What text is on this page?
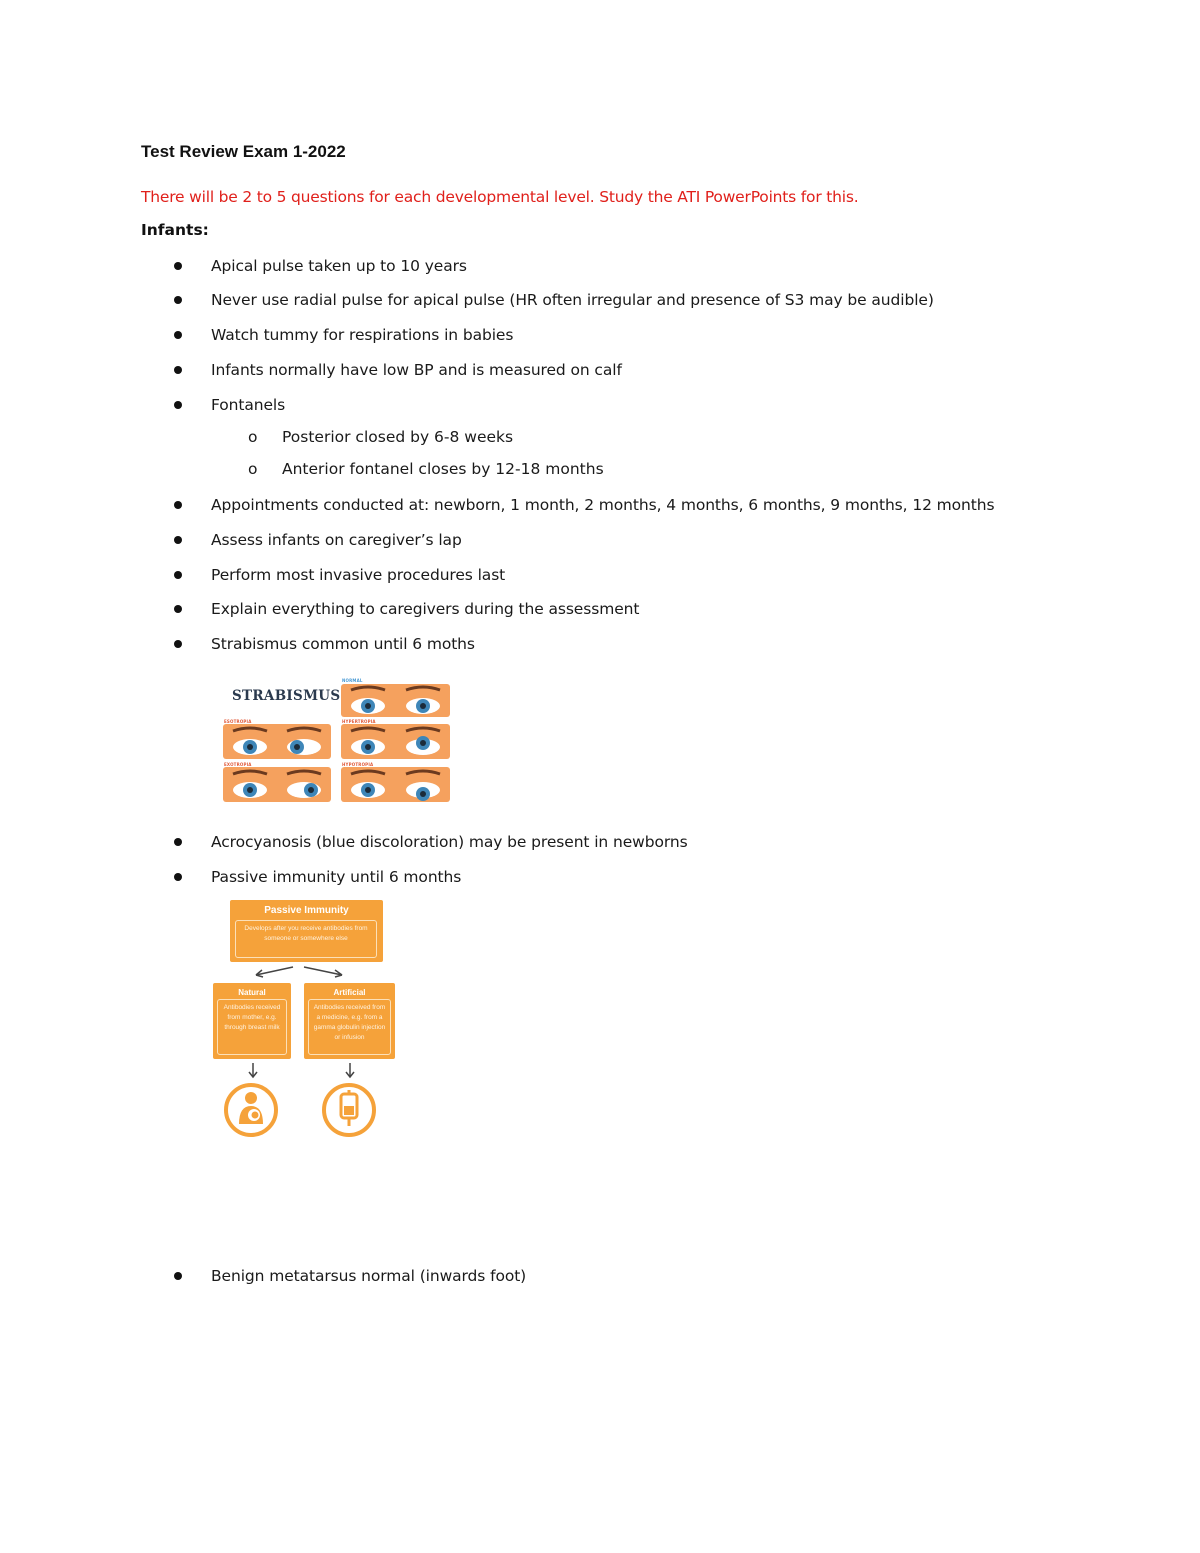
Test Review Exam 1-2022
There will be 2 to 5 questions for each developmental level. Study the ATI PowerPoints for this.
Infants:
Apical pulse taken up to 10 years
Never use radial pulse for apical pulse (HR often irregular and presence of S3 may be audible)
Watch tummy for respirations in babies
Infants normally have low BP and is measured on calf
Fontanels
o Posterior closed by 6-8 weeks
o Anterior fontanel closes by 12-18 months
Appointments conducted at: newborn, 1 month, 2 months, 4 months, 6 months, 9 months, 12 months
Assess infants on caregiver’s lap
Perform most invasive procedures last
Explain everything to caregivers during the assessment
Strabismus common until 6 moths
STRABISMUS
NORMAL
ESOTROPIA	HYPERTROPIA
EXOTROPIA	HYPOTROPIA
Acrocyanosis (blue discoloration) may be present in newborns
Passive immunity until 6 months
Passive Immunity
Develops after you receive antibodies from someone or somewhere else
Natural
Antibodies received from mother, e.g. through breast milk
Artificial
Antibodies received from a medicine, e.g. from a gamma globulin injection or infusion
Benign metatarsus normal (inwards foot)
